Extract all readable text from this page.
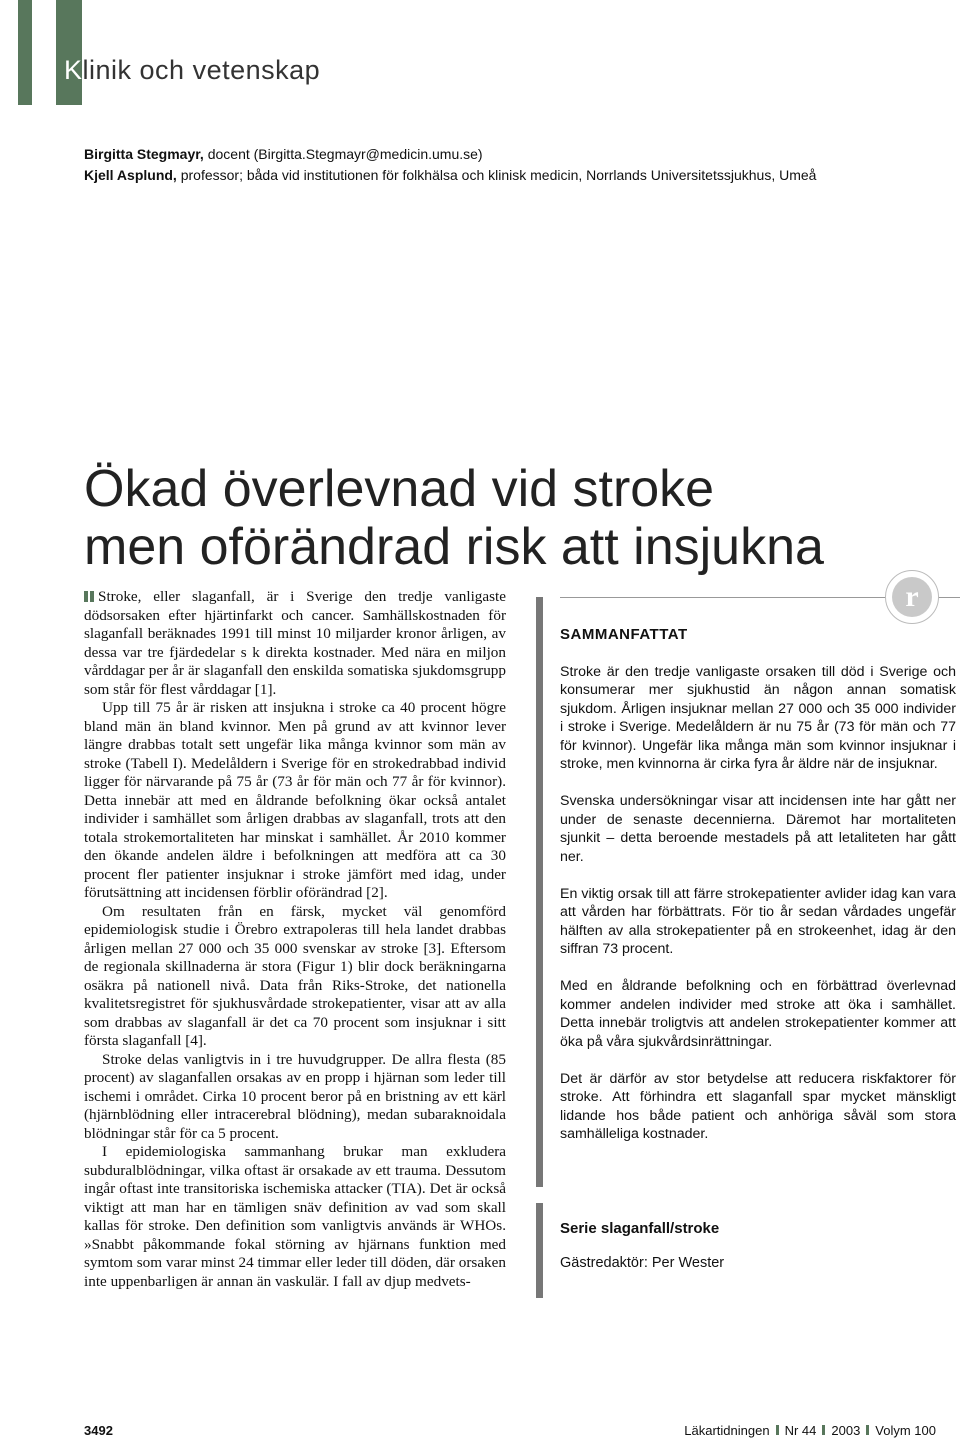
Klinik och vetenskap
Birgitta Stegmayr, docent (Birgitta.Stegmayr@medicin.umu.se)
Kjell Asplund, professor; båda vid institutionen för folkhälsa och klinisk medicin, Norrlands Universitetssjukhus, Umeå
Ökad överlevnad vid stroke
men oförändrad risk att insjukna

Stroke, eller slaganfall, är i Sverige den tredje vanligaste dödsorsaken efter hjärtinfarkt och cancer. Samhällskostnaden för slaganfall beräknades 1991 till minst 10 miljarder kronor årligen, av dessa var tre fjärdedelar s k direkta kostnader. Med nära en miljon vårddagar per år är slaganfall den enskilda somatiska sjukdomsgrupp som står för flest vårddagar [1].

Upp till 75 år är risken att insjukna i stroke ca 40 procent högre bland män än bland kvinnor. Men på grund av att kvinnor lever längre drabbas totalt sett ungefär lika många kvinnor som män av stroke (Tabell I). Medelåldern i Sverige för en strokedrabbad individ ligger för närvarande på 75 år (73 år för män och 77 år för kvinnor). Detta innebär att med en åldrande befolkning ökar också antalet individer i samhället som årligen drabbas av slaganfall, trots att den totala strokemortaliteten har minskat i samhället. År 2010 kommer den ökande andelen äldre i befolkningen att medföra att ca 30 procent fler patienter insjuknar i stroke jämfört med idag, under förutsättning att incidensen förblir oförändrad [2].

Om resultaten från en färsk, mycket väl genomförd epidemiologisk studie i Örebro extrapoleras till hela landet drabbas årligen mellan 27 000 och 35 000 svenskar av stroke [3]. Eftersom de regionala skillnaderna är stora (Figur 1) blir dock beräkningarna osäkra på nationell nivå. Data från Riks-Stroke, det nationella kvalitetsregistret för sjukhusvårdade strokepatienter, visar att av alla som drabbas av slaganfall är det ca 70 procent som insjuknar i sitt första slaganfall [4].

Stroke delas vanligtvis in i tre huvudgrupper. De allra flesta (85 procent) av slaganfallen orsakas av en propp i hjärnan som leder till ischemi i området. Cirka 10 procent beror på en bristning av ett kärl (hjärnblödning eller intracerebral blödning), medan subaraknoidala blödningar står för ca 5 procent.

I epidemiologiska sammanhang brukar man exkludera subduralblödningar, vilka oftast är orsakade av ett trauma. Dessutom ingår oftast inte transitoriska ischemiska attacker (TIA). Det är också viktigt att man har en tämligen snäv definition av vad som skall kallas för stroke. Den definition som vanligtvis används är WHOs. »Snabbt påkommande fokal störning av hjärnans funktion med symtom som varar minst 24 timmar eller leder till döden, där orsaken inte uppenbarligen är annan än vaskulär. I fall av djup medvets-

r
SAMMANFATTAT

Stroke är den tredje vanligaste orsaken till död i Sverige och konsumerar mer sjukhustid än någon annan somatisk sjukdom. Årligen insjuknar mellan 27 000 och 35 000 individer i stroke i Sverige. Medelåldern är nu 75 år (73 för män och 77 för kvinnor). Ungefär lika många män som kvinnor insjuknar i stroke, men kvinnorna är cirka fyra år äldre när de insjuknar.

Svenska undersökningar visar att incidensen inte har gått ner under de senaste decennierna. Däremot har mortaliteten sjunkit – detta beroende mestadels på att letaliteten har gått ner.

En viktig orsak till att färre strokepatienter avlider idag kan vara att vården har förbättrats. För tio år sedan vårdades ungefär hälften av alla strokepatienter på en strokeenhet, idag är den siffran 73 procent.

Med en åldrande befolkning och en förbättrad överlevnad kommer andelen individer med stroke att öka i samhället. Detta innebär troligtvis att andelen strokepatienter kommer att öka på våra sjukvårdsinrättningar.

Det är därför av stor betydelse att reducera riskfaktorer för stroke. Att förhindra ett slaganfall spar mycket mänskligt lidande hos både patient och anhöriga såväl som stora samhälleliga kostnader.

Serie slaganfall/stroke
Gästredaktör: Per Wester
3492	Läkartidningen Nr 44 2003 Volym 100
